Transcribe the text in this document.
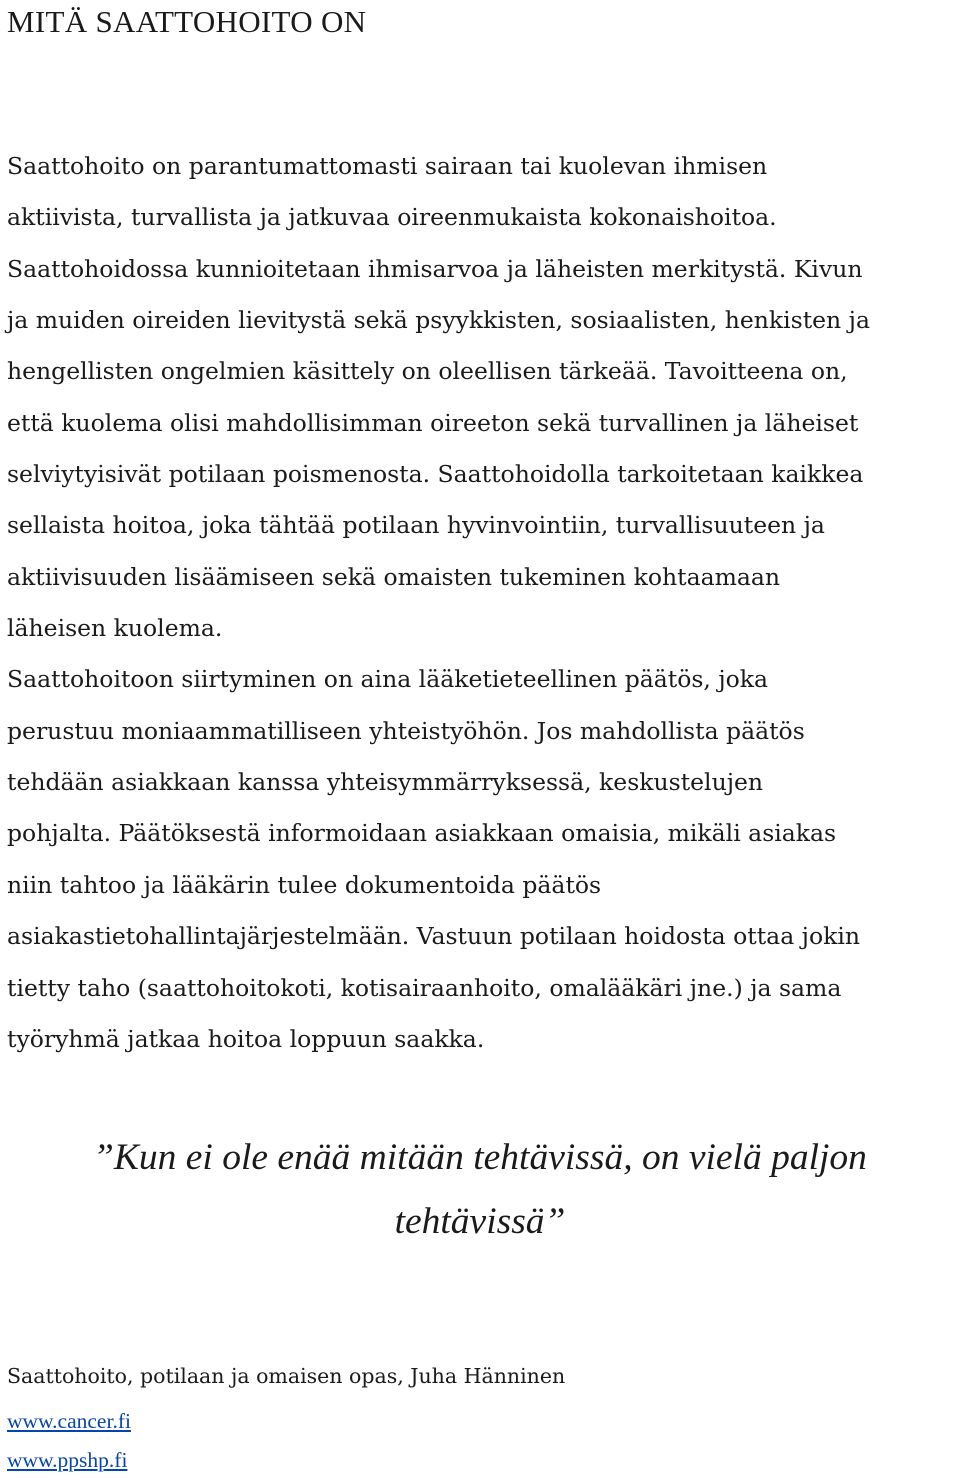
MITÄ SAATTOHOITO ON

Saattohoito on parantumattomasti sairaan tai kuolevan ihmisen

aktiivista, turvallista ja jatkuvaa oireenmukaista kokonaishoitoa.

Saattohoidossa kunnioitetaan ihmisarvoa ja läheisten merkitystä. Kivun

ja muiden oireiden lievitystä sekä psyykkisten, sosiaalisten, henkisten ja

hengellisten ongelmien käsittely on oleellisen tärkeää. Tavoitteena on,

että kuolema olisi mahdollisimman oireeton sekä turvallinen ja läheiset

selviytyisivät potilaan poismenosta. Saattohoidolla tarkoitetaan kaikkea

sellaista hoitoa, joka tähtää potilaan hyvinvointiin, turvallisuuteen ja

aktiivisuuden lisäämiseen sekä omaisten tukeminen kohtaamaan

läheisen kuolema.

Saattohoitoon siirtyminen on aina lääketieteellinen päätös, joka

perustuu moniaammatilliseen yhteistyöhön. Jos mahdollista päätös

tehdään asiakkaan kanssa yhteisymmärryksessä, keskustelujen

pohjalta. Päätöksestä informoidaan asiakkaan omaisia, mikäli asiakas

niin tahtoo ja lääkärin tulee dokumentoida päätös

asiakastietohallintajärjestelmään. Vastuun potilaan hoidosta ottaa jokin

tietty taho (saattohoitokoti, kotisairaanhoito, omalääkäri jne.) ja sama

työryhmä jatkaa hoitoa loppuun saakka.

”Kun ei ole enää mitään tehtävissä, on vielä paljon

tehtävissä”

Saattohoito, potilaan ja omaisen opas, Juha Hänninen

www.cancer.fi
www.ppshp.fi
